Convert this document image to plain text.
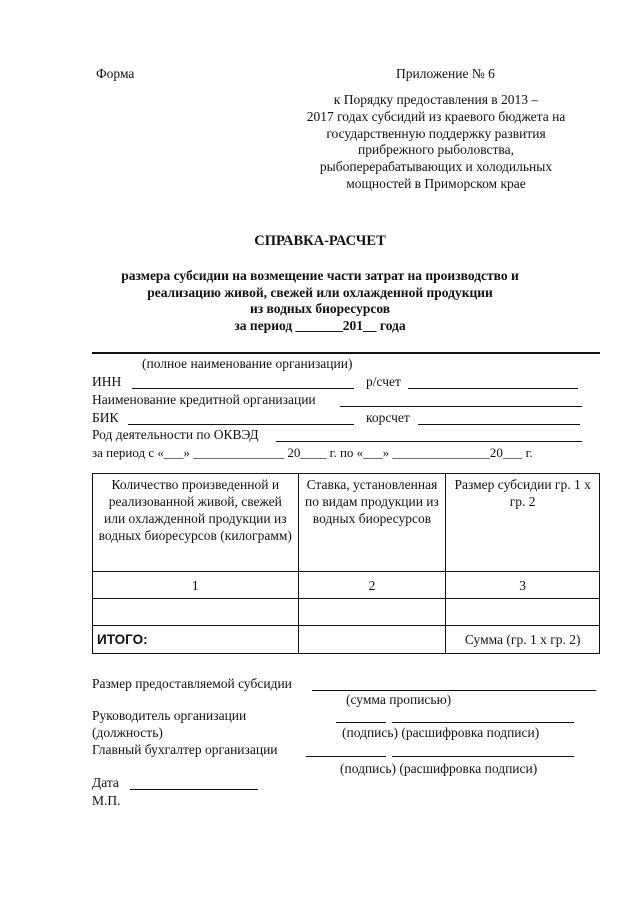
Форма	Приложение № 6
к Порядку предоставления в 2013 –
2017 годах субсидий из краевого бюджета на
государственную поддержку развития
прибрежного рыболовства,
рыбоперерабатывающих и холодильных
мощностей в Приморском крае
СПРАВКА-РАСЧЕТ
размера субсидии на возмещение части затрат на производство и
реализацию живой, свежей или охлажденной продукции
из водных биоресурсов
за период _______201__ года
(полное наименование организации)
ИНН	р/счет
Наименование кредитной организации
БИК	корсчет
Род деятельности по ОКВЭД
за период с «___» ______________ 20____ г. по «___» _______________20___ г.
Количество произведенной и реализованной живой, свежей или охлажденной продукции из водных биоресурсов (килограмм)	Ставка, установленная по видам продукции из водных биоресурсов	Размер субсидии гр. 1 х гр. 2
1	2	3

ИТОГО:		Сумма (гр. 1 х гр. 2)
Размер предоставляемой субсидии
(сумма прописью)
Руководитель организации
(должность)	(подпись) (расшифровка подписи)
Главный бухгалтер организации
(подпись) (расшифровка подписи)
Дата
М.П.
